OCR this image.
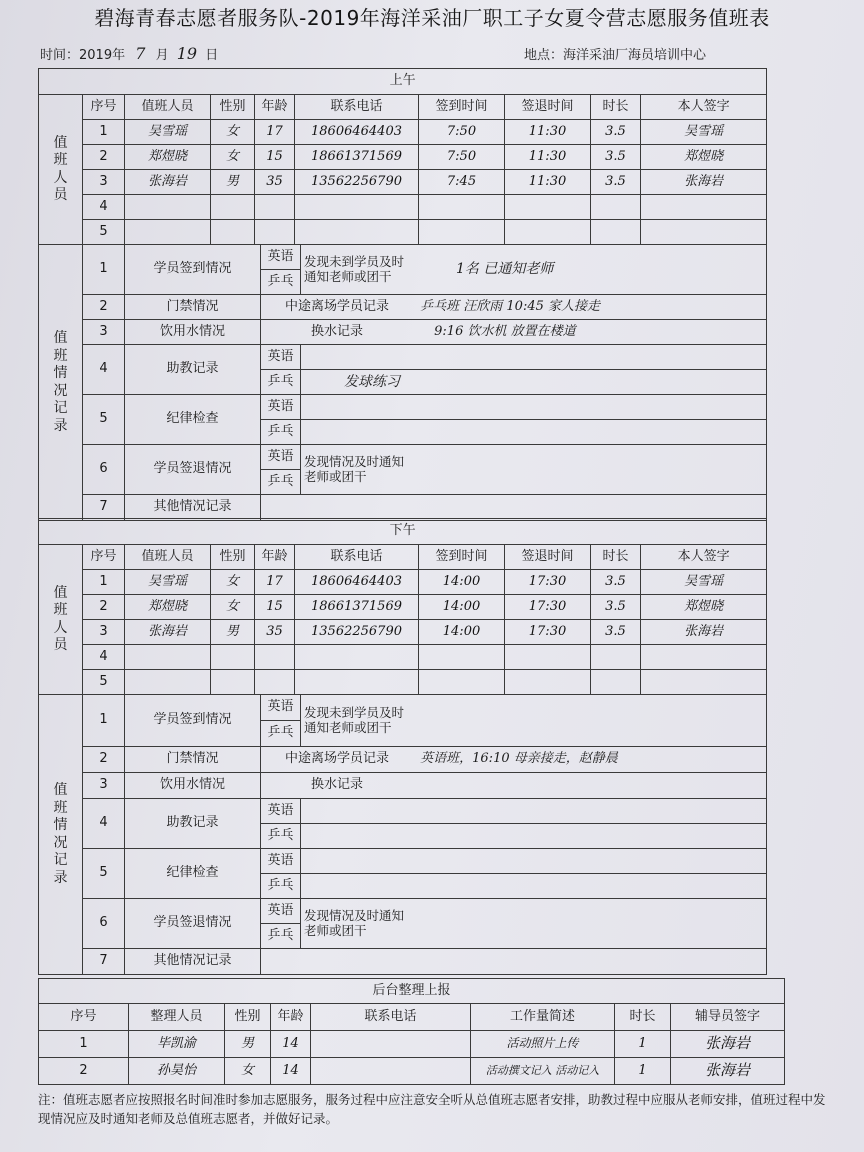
碧海青春志愿者服务队-2019年海洋采油厂职工子女夏令营志愿服务值班表
时间：2019年 7 月 19 日	地点：海洋采油厂海员培训中心
上午									
值班人员	序号	值班人员	性别	年龄	联系电话	签到时间	签退时间	时长	本人签字
	1	吴雪瑶	女	17	18606464403	7:50	11:30	3.5	吴雪瑶
	2	郑煜晓	女	15	18661371569	7:50	11:30	3.5	郑煜晓
	3	张海岩	男	35	13562256790	7:45	11:30	3.5	张海岩
	4								
	5								
值班情况记录	1	学员签到情况	英语	发现未到学员及时通知老师或团干 1名 已通知老师

			乒乓	
	2	门禁情况	中途离场学员记录 乒乓班 汪欣雨 10:45 家人接走	
	3	饮用水情况	换水记录 9:16 饮水机 放置在楼道	
	4	助教记录	英语	
			乒乓	发球练习
	5	纪律检查	英语	
			乒乓	
	6	学员签退情况	英语	发现情况及时通知老师或团干
			乒乓	
	7	其他情况记录		
下午									
值班人员	序号	值班人员	性别	年龄	联系电话	签到时间	签退时间	时长	本人签字
	1	吴雪瑶	女	17	18606464403	14:00	17:30	3.5	吴雪瑶
	2	郑煜晓	女	15	18661371569	14:00	17:30	3.5	郑煜晓
	3	张海岩	男	35	13562256790	14:00	17:30	3.5	张海岩
	4								
	5								
值班情况记录	1	学员签到情况	英语	发现未到学员及时通知老师或团干
			乒乓	
	2	门禁情况	中途离场学员记录 英语班，16:10 母亲接走，赵静晨	
	3	饮用水情况	换水记录	
	4	助教记录	英语	
			乒乓	
	5	纪律检查	英语	
			乒乓	
	6	学员签退情况	英语	发现情况及时通知老师或团干
			乒乓	
	7	其他情况记录		
后台整理上报							
序号	整理人员	性别	年龄	联系电话	工作量简述	时长	辅导员签字
1	毕凯渝	男	14		活动照片上传	1	张海岩
2	孙昊怡	女	14		活动撰文记入 活动记入	1	张海岩
注：值班志愿者应按照报名时间准时参加志愿服务，服务过程中应注意安全听从总值班志愿者安排，助教过程中应服从老师安排，值班过程中发现情况应及时通知老师及总值班志愿者，并做好记录。
